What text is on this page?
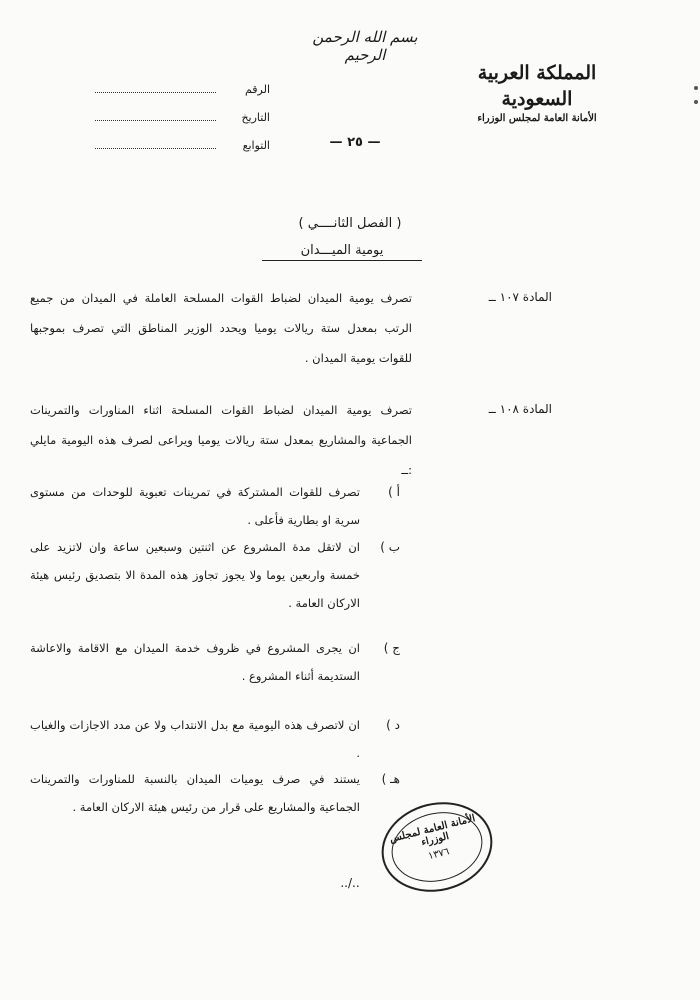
بسم الله الرحمن الرحيم
المملكة العربية السعودية
الأمانة العامة لمجلس الوزراء
الرقم
التاريخ
التوابع	— ٢٥ —
( الفصل الثانــــي )
يومية الميـــدان
المادة ١٠٧ ــ
تصرف يومية الميدان لضباط القوات المسلحة العاملة في الميدان من جميع الرتب بمعدل ستة ريالات يوميا ويحدد الوزير المناطق التي تصرف بموجبها للقوات يومية الميدان .
المادة ١٠٨ ــ
تصرف يومية الميدان لضباط القوات المسلحة اثناء المناورات والتمرينات الجماعية والمشاريع بمعدل ستة ريالات يوميا ويراعى لصرف هذه اليومية مايلي :ــ
أ )
تصرف للقوات المشتركة في تمرينات تعبوية للوحدات من مستوى سرية او بطارية فأعلى .
ب )
ان لاتقل مدة المشروع عن اثنتين وسبعين ساعة وان لاتزيد على خمسة واربعين يوما ولا يجوز تجاوز هذه المدة الا بتصديق رئيس هيئة الاركان العامة .
ج )
ان يجرى المشروع في ظروف خدمة الميدان مع الاقامة والاعاشة الستديمة أثناء المشروع .
د )
ان لاتصرف هذه اليومية مع بدل الانتداب ولا عن مدد الاجازات والغياب .
هـ )
يستند في صرف يوميات الميدان بالنسبة للمناورات والتمرينات الجماعية والمشاريع على قرار من رئيس هيئة الاركان العامة .
الأمانة العامة لمجلس الوزراء
١٣٧٦
../..
